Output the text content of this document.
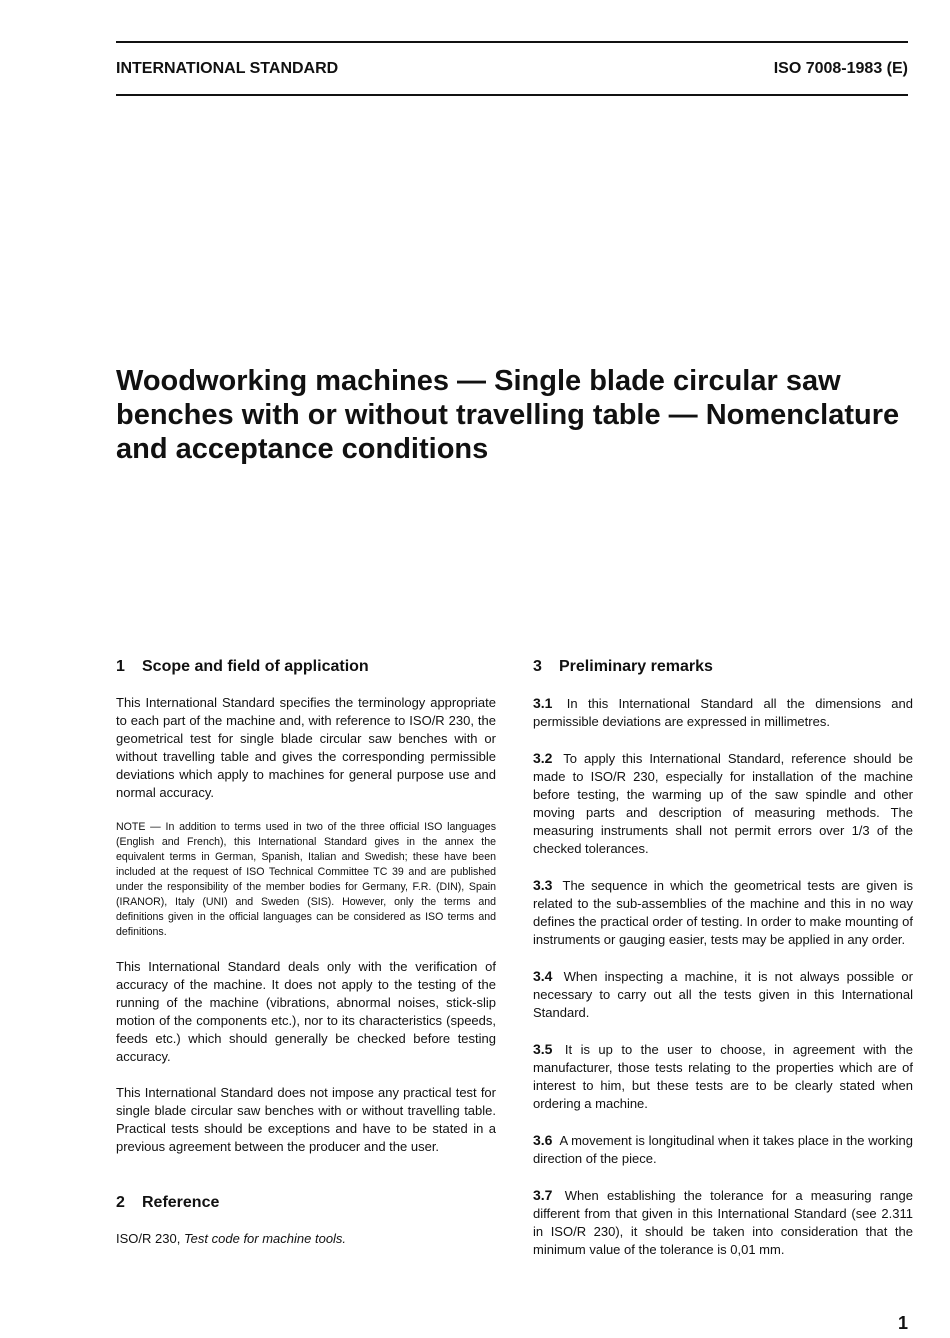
INTERNATIONAL STANDARD	ISO 7008-1983 (E)
Woodworking machines — Single blade circular saw benches with or without travelling table — Nomenclature and acceptance conditions
1 Scope and field of application

This International Standard specifies the terminology appropriate to each part of the machine and, with reference to ISO/R 230, the geometrical test for single blade circular saw benches with or without travelling table and gives the corresponding permissible deviations which apply to machines for general purpose use and normal accuracy.

NOTE — In addition to terms used in two of the three official ISO languages (English and French), this International Standard gives in the annex the equivalent terms in German, Spanish, Italian and Swedish; these have been included at the request of ISO Technical Committee TC 39 and are published under the responsibility of the member bodies for Germany, F.R. (DIN), Spain (IRANOR), Italy (UNI) and Sweden (SIS). However, only the terms and definitions given in the official languages can be considered as ISO terms and definitions.

This International Standard deals only with the verification of accuracy of the machine. It does not apply to the testing of the running of the machine (vibrations, abnormal noises, stick-slip motion of the components etc.), nor to its characteristics (speeds, feeds etc.) which should generally be checked before testing accuracy.

This International Standard does not impose any practical test for single blade circular saw benches with or without travelling table. Practical tests should be exceptions and have to be stated in a previous agreement between the producer and the user.

2 Reference

ISO/R 230, Test code for machine tools.

3 Preliminary remarks

3.1 In this International Standard all the dimensions and permissible deviations are expressed in millimetres.

3.2 To apply this International Standard, reference should be made to ISO/R 230, especially for installation of the machine before testing, the warming up of the saw spindle and other moving parts and description of measuring methods. The measuring instruments shall not permit errors over 1/3 of the checked tolerances.

3.3 The sequence in which the geometrical tests are given is related to the sub-assemblies of the machine and this in no way defines the practical order of testing. In order to make mounting of instruments or gauging easier, tests may be applied in any order.

3.4 When inspecting a machine, it is not always possible or necessary to carry out all the tests given in this International Standard.

3.5 It is up to the user to choose, in agreement with the manufacturer, those tests relating to the properties which are of interest to him, but these tests are to be clearly stated when ordering a machine.

3.6 A movement is longitudinal when it takes place in the working direction of the piece.

3.7 When establishing the tolerance for a measuring range different from that given in this International Standard (see 2.311 in ISO/R 230), it should be taken into consideration that the minimum value of the tolerance is 0,01 mm.

1
